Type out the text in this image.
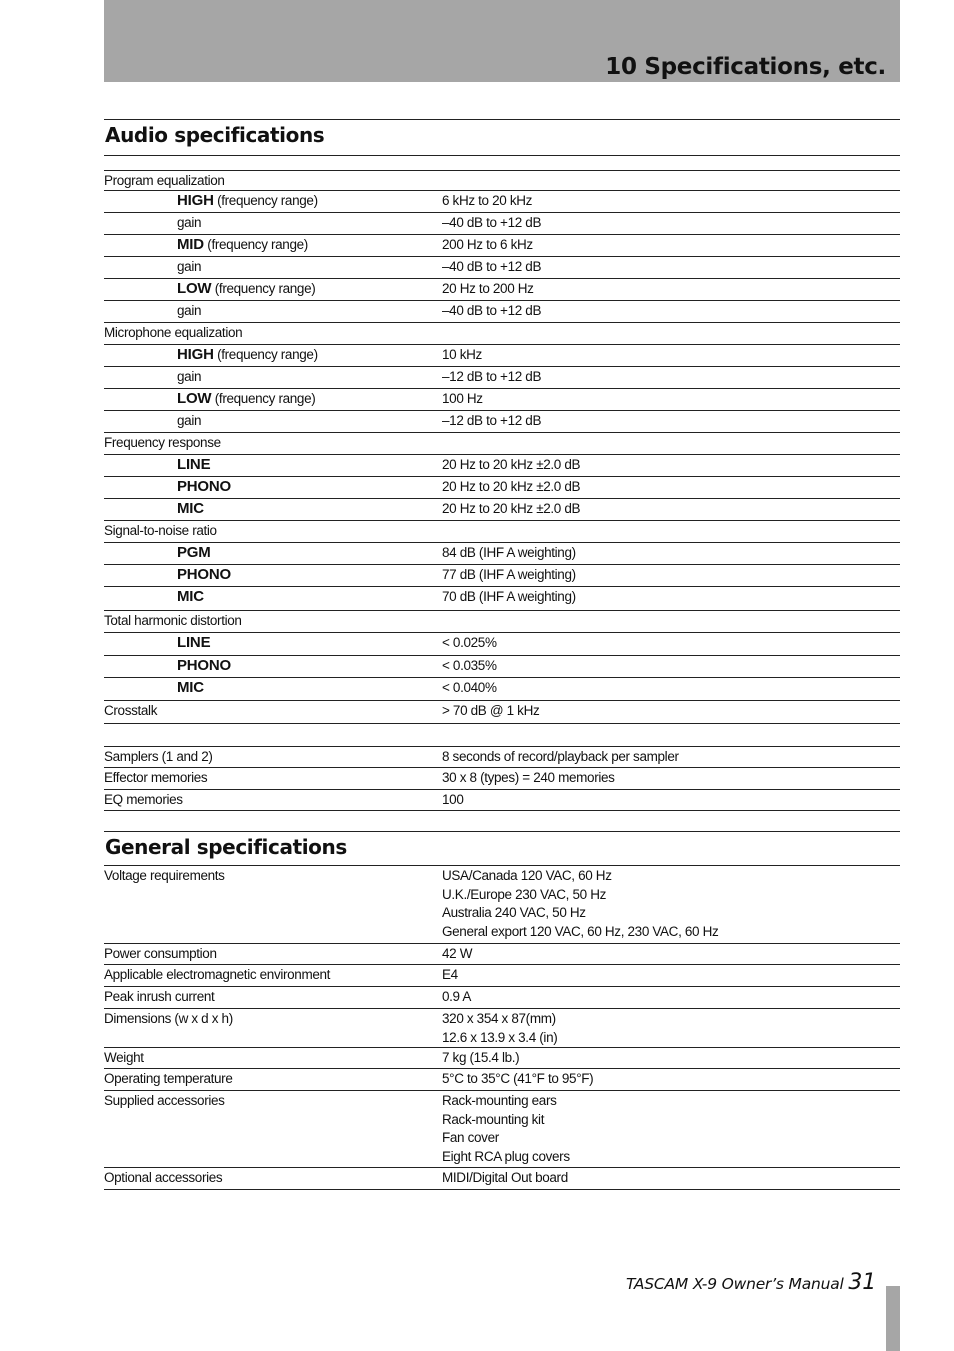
10 Specifications, etc.
Audio specifications
Program equalization
HIGH (frequency range)	6 kHz to 20 kHz
gain	–40 dB to +12 dB
MID (frequency range)	200 Hz to 6 kHz
gain	–40 dB to +12 dB
LOW (frequency range)	20 Hz to 200 Hz
gain	–40 dB to +12 dB
Microphone equalization
HIGH (frequency range)	10 kHz
gain	–12 dB to +12 dB
LOW (frequency range)	100 Hz
gain	–12 dB to +12 dB
Frequency response
LINE	20 Hz to 20 kHz ±2.0 dB
PHONO	20 Hz to 20 kHz ±2.0 dB
MIC	20 Hz to 20 kHz ±2.0 dB
Signal-to-noise ratio
PGM	84 dB (IHF A weighting)
PHONO	77 dB (IHF A weighting)
MIC	70 dB (IHF A weighting)
Total harmonic distortion
LINE	< 0.025%
PHONO	< 0.035%
MIC	< 0.040%
Crosstalk	> 70 dB @ 1 kHz
Samplers (1 and 2)	8 seconds of record/playback per sampler
Effector memories	30 x 8 (types) = 240 memories
EQ memories	100
General specifications
Voltage requirements	USA/Canada 120 VAC, 60 Hz
U.K./Europe 230 VAC, 50 Hz
Australia 240 VAC, 50 Hz
General export 120 VAC, 60 Hz, 230 VAC, 60 Hz
Power consumption	42 W
Applicable electromagnetic environment	E4
Peak inrush current	0.9 A
Dimensions (w x d x h)	320 x 354 x 87(mm)
12.6 x 13.9 x 3.4 (in)
Weight	7 kg (15.4 lb.)
Operating temperature	5°C to 35°C (41°F to 95°F)
Supplied accessories	Rack-mounting ears
Rack-mounting kit
Fan cover
Eight RCA plug covers
Optional accessories	MIDI/Digital Out board
TASCAM X-9 Owner’s Manual 31
